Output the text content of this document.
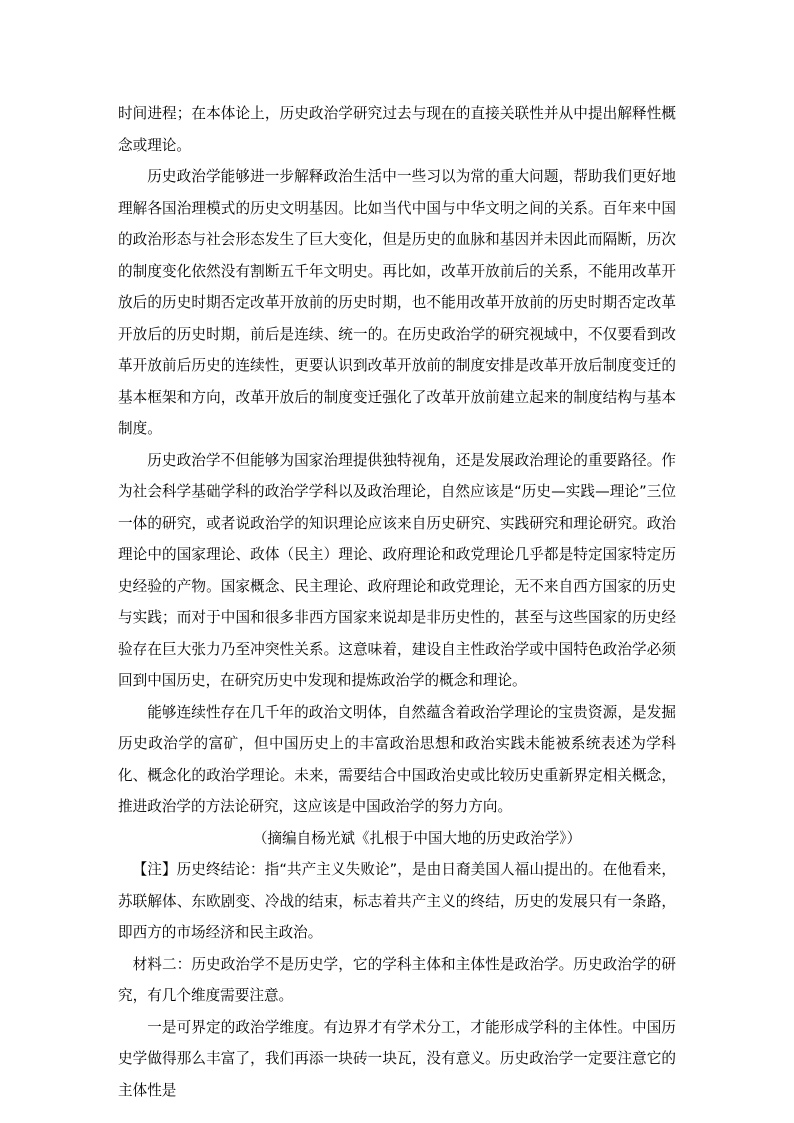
时间进程；在本体论上，历史政治学研究过去与现在的直接关联性并从中提出解释性概念或理论。

历史政治学能够进一步解释政治生活中一些习以为常的重大问题，帮助我们更好地理解各国治理模式的历史文明基因。比如当代中国与中华文明之间的关系。百年来中国的政治形态与社会形态发生了巨大变化，但是历史的血脉和基因并未因此而隔断，历次的制度变化依然没有割断五千年文明史。再比如，改革开放前后的关系，不能用改革开放后的历史时期否定改革开放前的历史时期，也不能用改革开放前的历史时期否定改革开放后的历史时期，前后是连续、统一的。在历史政治学的研究视域中，不仅要看到改革开放前后历史的连续性，更要认识到改革开放前的制度安排是改革开放后制度变迁的基本框架和方向，改革开放后的制度变迁强化了改革开放前建立起来的制度结构与基本制度。

历史政治学不但能够为国家治理提供独特视角，还是发展政治理论的重要路径。作为社会科学基础学科的政治学学科以及政治理论，自然应该是“历史—实践—理论”三位一体的研究，或者说政治学的知识理论应该来自历史研究、实践研究和理论研究。政治理论中的国家理论、政体（民主）理论、政府理论和政党理论几乎都是特定国家特定历史经验的产物。国家概念、民主理论、政府理论和政党理论，无不来自西方国家的历史与实践；而对于中国和很多非西方国家来说却是非历史性的，甚至与这些国家的历史经验存在巨大张力乃至冲突性关系。这意味着，建设自主性政治学或中国特色政治学必须回到中国历史，在研究历史中发现和提炼政治学的概念和理论。

能够连续性存在几千年的政治文明体，自然蕴含着政治学理论的宝贵资源，是发掘历史政治学的富矿，但中国历史上的丰富政治思想和政治实践未能被系统表述为学科化、概念化的政治学理论。未来，需要结合中国政治史或比较历史重新界定相关概念，推进政治学的方法论研究，这应该是中国政治学的努力方向。

（摘编自杨光斌《扎根于中国大地的历史政治学》）

【注】历史终结论：指“共产主义失败论”，是由日裔美国人福山提出的。在他看来，苏联解体、东欧剧变、冷战的结束，标志着共产主义的终结，历史的发展只有一条路，即西方的市场经济和民主政治。

材料二：历史政治学不是历史学，它的学科主体和主体性是政治学。历史政治学的研究，有几个维度需要注意。

一是可界定的政治学维度。有边界才有学术分工，才能形成学科的主体性。中国历史学做得那么丰富了，我们再添一块砖一块瓦，没有意义。历史政治学一定要注意它的主体性是
